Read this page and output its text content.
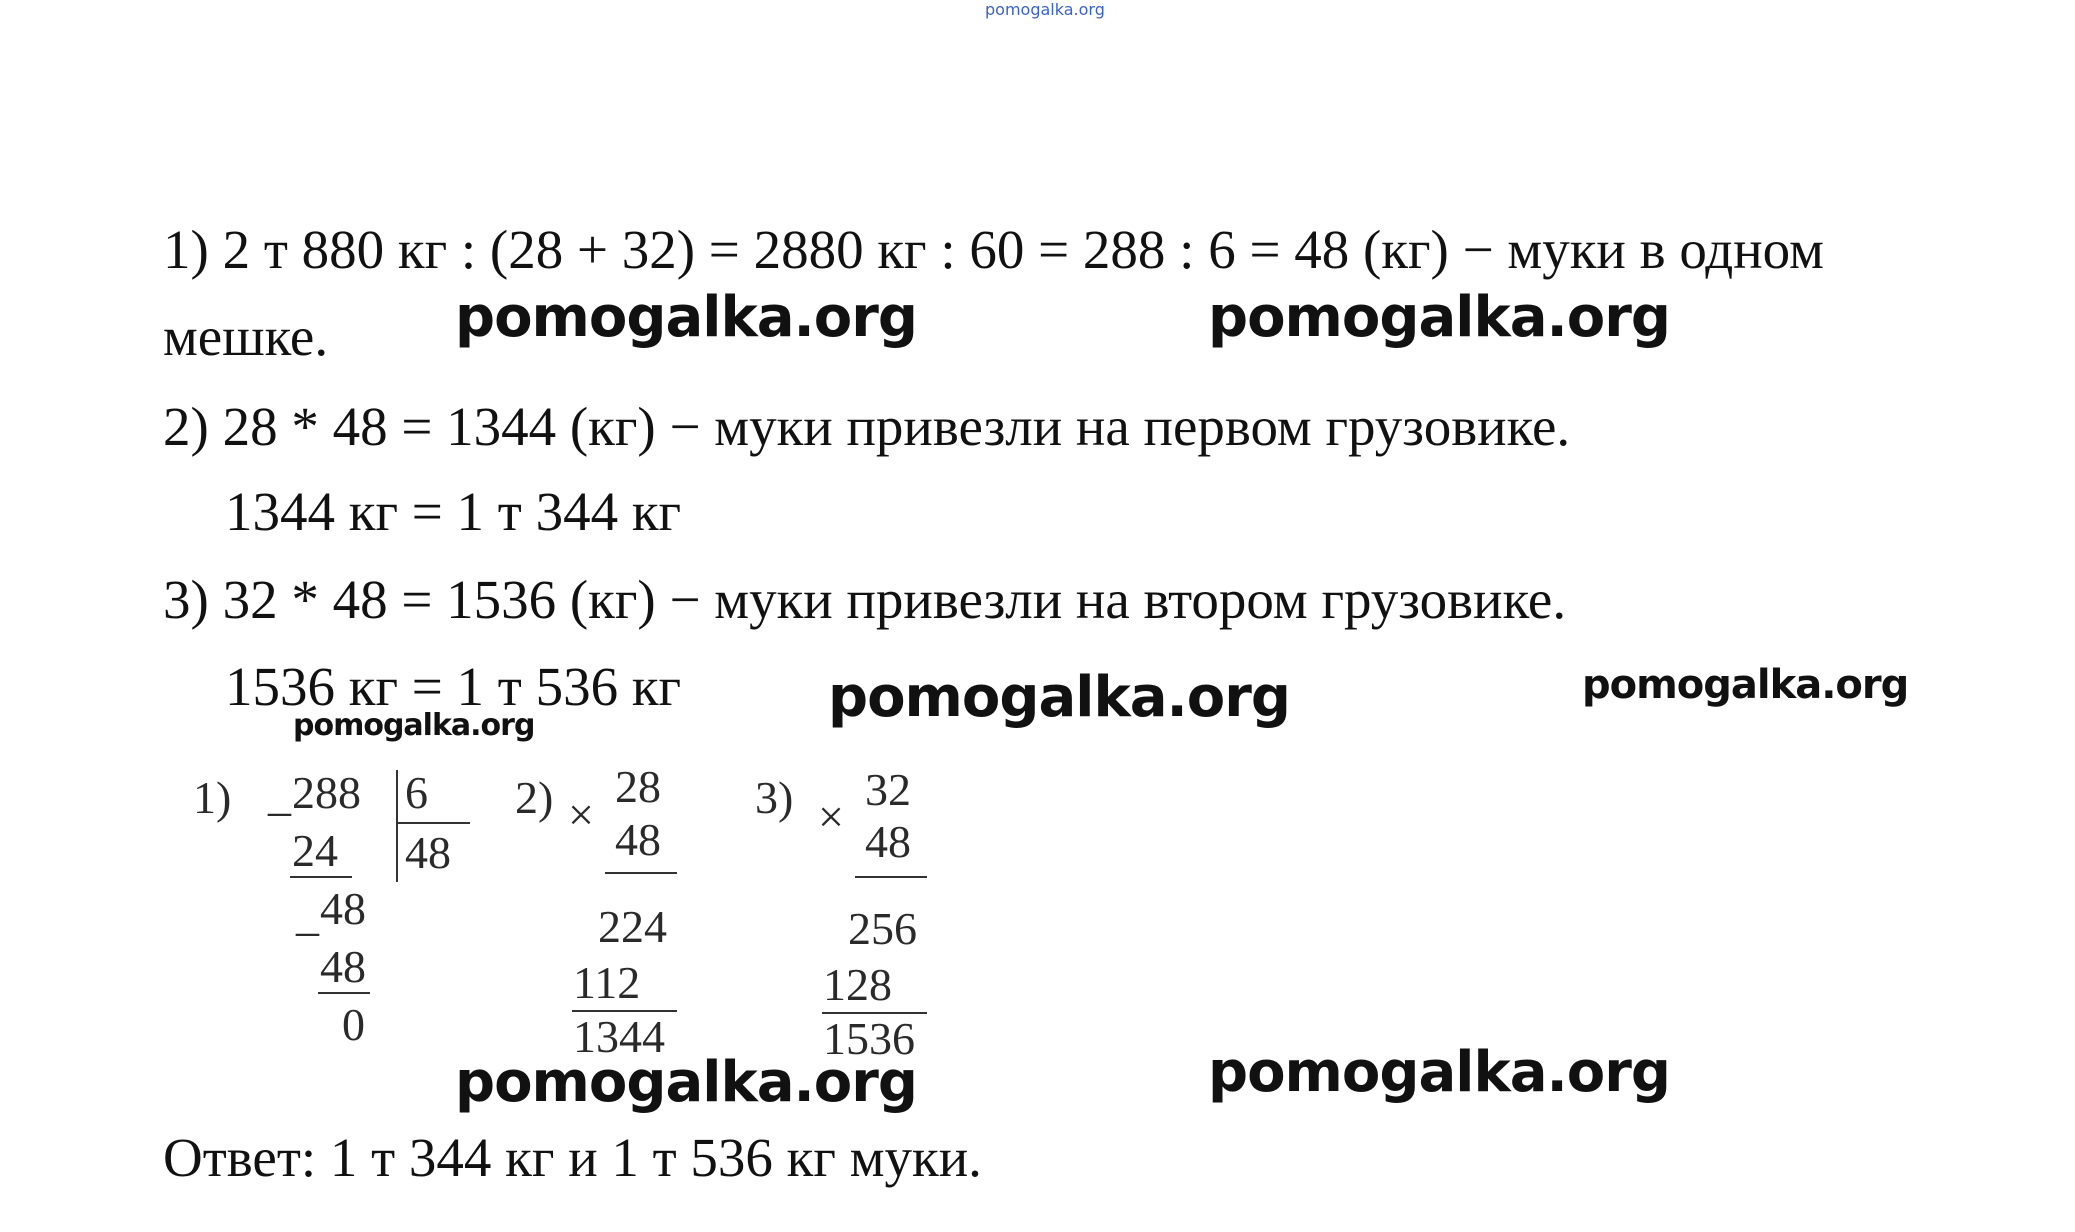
pomogalka.org
1) 2 т 880 кг : (28 + 32) = 2880 кг : 60 = 288 : 6 = 48 (кг) − муки в одном
мешке.
2) 28 * 48 = 1344 (кг) − муки привезли на первом грузовике.
1344 кг = 1 т 344 кг
3) 32 * 48 = 1536 (кг) − муки привезли на втором грузовике.
1536 кг = 1 т 536 кг
Ответ: 1 т 344 кг и 1 т 536 кг муки.
pomogalka.org	pomogalka.org
pomogalka.org	pomogalka.org
pomogalka.org
pomogalka.org	pomogalka.org
1) _ 288 6
48
24
_ 48
48
0
2) ×
28
48
224
112
1344
3) ×
32
48
256
128
1536
